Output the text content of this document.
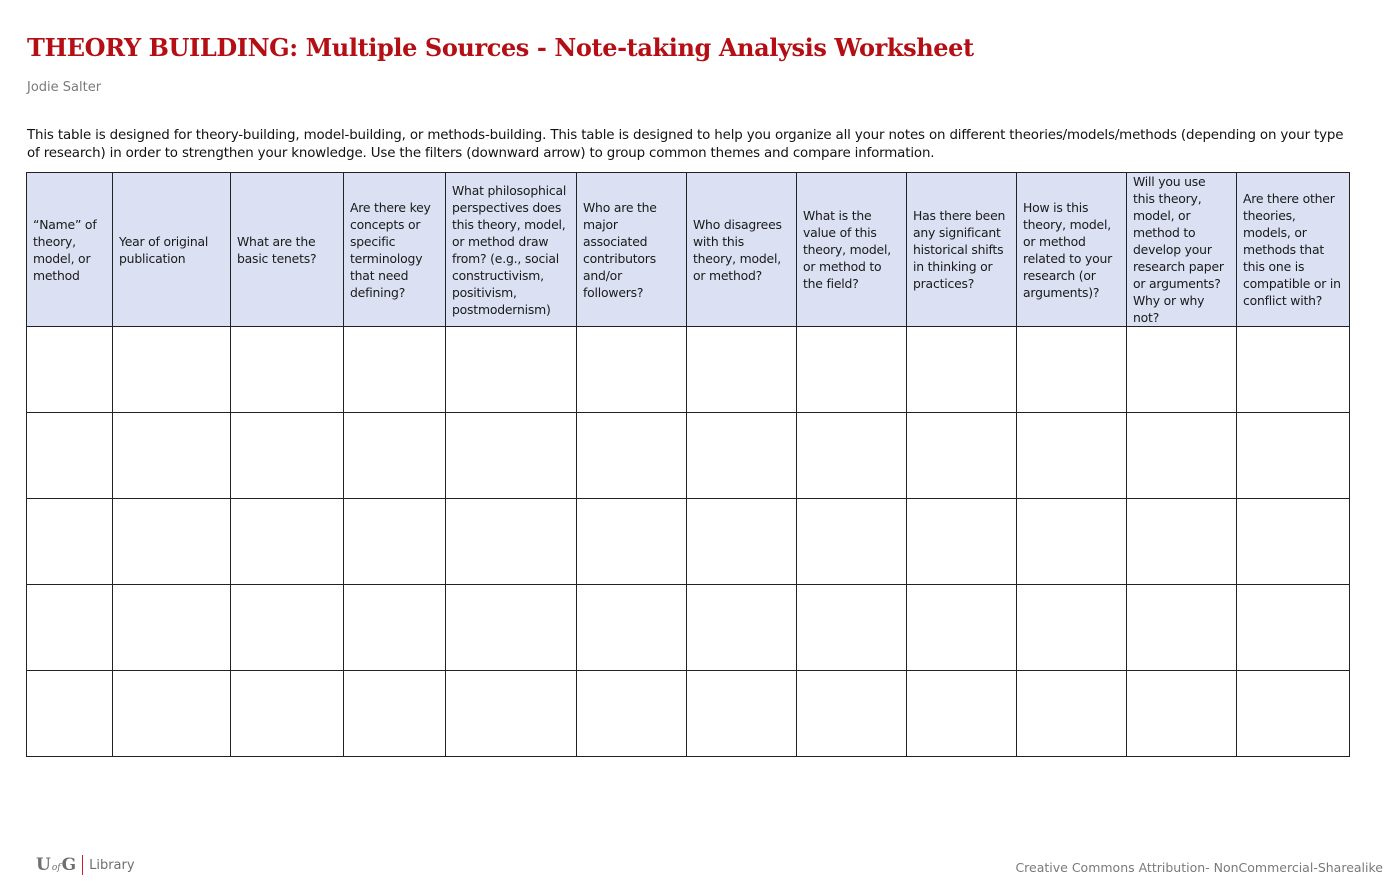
THEORY BUILDING: Multiple Sources - Note-taking Analysis Worksheet
Jodie Salter

This table is designed for theory-building, model-building, or methods-building. This table is designed to help you organize all your notes on different theories/models/methods (depending on your type of research) in order to strengthen your knowledge. Use the filters (downward arrow) to group common themes and compare information.

“Name” of theory, model, or method	Year of original publication	What are the basic tenets?	Are there key concepts or specific terminology that need defining?	What philosophical perspectives does this theory, model, or method draw from? (e.g., social constructivism, positivism, postmodernism)	Who are the major associated contributors and/or followers?	Who disagrees with this theory, model, or method?	What is the value of this theory, model, or method to the field?	Has there been any significant historical shifts in thinking or practices?	How is this theory, model, or method related to your research (or arguments)?	Will you use this theory, model, or method to develop your research paper or arguments? Why or why not?	Are there other theories, models, or methods that this one is compatible or in conflict with?

U of G Library	Creative Commons Attribution- NonCommercial-Sharealike
